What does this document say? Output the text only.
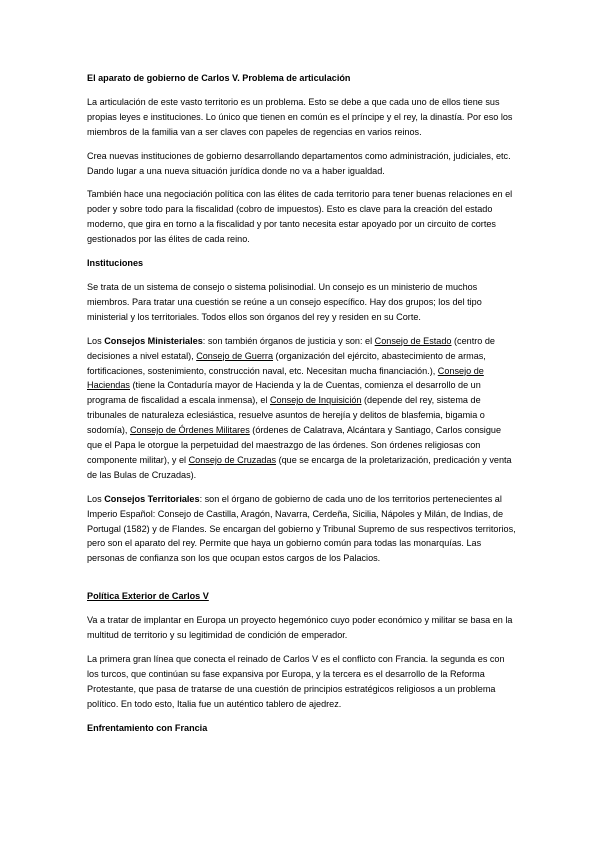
El aparato de gobierno de Carlos V. Problema de articulación

La articulación de este vasto territorio es un problema. Esto se debe a que cada uno de ellos tiene sus propias leyes e instituciones. Lo único que tienen en común es el príncipe y el rey, la dinastía. Por eso los miembros de la familia van a ser claves con papeles de regencias en varios reinos.

Crea nuevas instituciones de gobierno desarrollando departamentos como administración, judiciales, etc. Dando lugar a una nueva situación jurídica donde no va a haber igualdad.

También hace una negociación política con las élites de cada territorio para tener buenas relaciones en el poder y sobre todo para la fiscalidad (cobro de impuestos). Esto es clave para la creación del estado moderno, que gira en torno a la fiscalidad y por tanto necesita estar apoyado por un circuito de cortes gestionados por las élites de cada reino.

Instituciones

Se trata de un sistema de consejo o sistema polisinodial. Un consejo es un ministerio de muchos miembros. Para tratar una cuestión se reúne a un consejo específico. Hay dos grupos; los del tipo ministerial y los territoriales. Todos ellos son órganos del rey y residen en su Corte.

Los Consejos Ministeriales: son también órganos de justicia y son: el Consejo de Estado (centro de decisiones a nivel estatal), Consejo de Guerra (organización del ejército, abastecimiento de armas, fortificaciones, sostenimiento, construcción naval, etc. Necesitan mucha financiación.), Consejo de Haciendas (tiene la Contaduría mayor de Hacienda y la de Cuentas, comienza el desarrollo de un programa de fiscalidad a escala inmensa), el Consejo de Inquisición (depende del rey, sistema de tribunales de naturaleza eclesiástica, resuelve asuntos de herejía y delitos de blasfemia, bigamia o sodomía), Consejo de Órdenes Militares (órdenes de Calatrava, Alcántara y Santiago, Carlos consigue que el Papa le otorgue la perpetuidad del maestrazgo de las órdenes. Son órdenes religiosas con componente militar), y el Consejo de Cruzadas (que se encarga de la proletarización, predicación y venta de las Bulas de Cruzadas).

Los Consejos Territoriales: son el órgano de gobierno de cada uno de los territorios pertenecientes al Imperio Español: Consejo de Castilla, Aragón, Navarra, Cerdeña, Sicilia, Nápoles y Milán, de Indias, de Portugal (1582) y de Flandes. Se encargan del gobierno y Tribunal Supremo de sus respectivos territorios, pero son el aparato del rey. Permite que haya un gobierno común para todas las monarquías. Las personas de confianza son los que ocupan estos cargos de los Palacios.

Política Exterior de Carlos V

Va a tratar de implantar en Europa un proyecto hegemónico cuyo poder económico y militar se basa en la multitud de territorio y su legitimidad de condición de emperador.

La primera gran línea que conecta el reinado de Carlos V es el conflicto con Francia. la segunda es con los turcos, que continúan su fase expansiva por Europa, y la tercera es el desarrollo de la Reforma Protestante, que pasa de tratarse de una cuestión de principios estratégicos religiosos a un problema político. En todo esto, Italia fue un auténtico tablero de ajedrez.

Enfrentamiento con Francia
